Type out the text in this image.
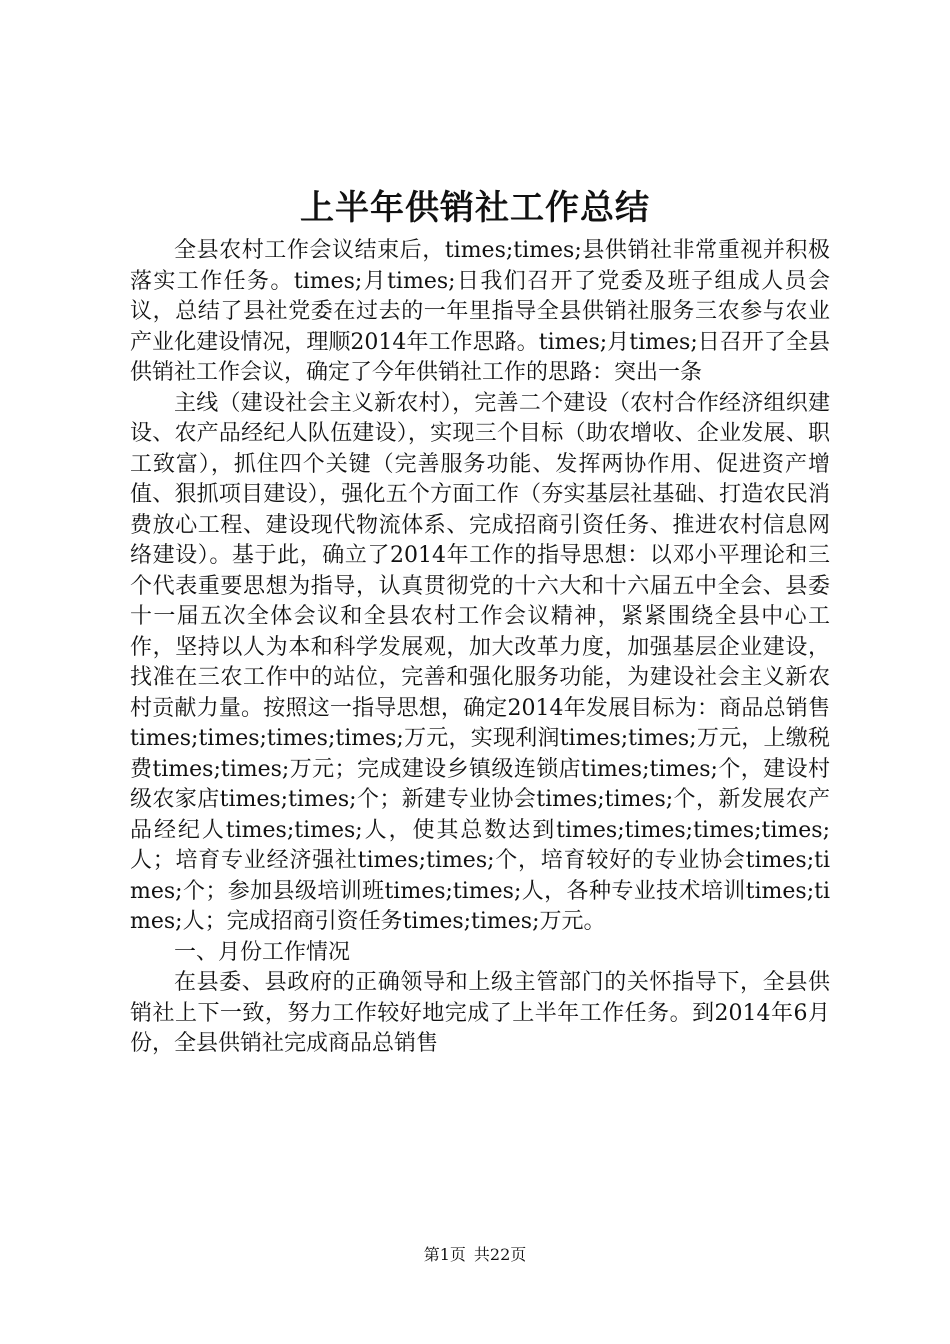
上半年供销社工作总结

全县农村工作会议结束后，times;times;县供销社非常重视并积极落实工作任务。times;月times;日我们召开了党委及班子组成人员会议，总结了县社党委在过去的一年里指导全县供销社服务三农参与农业产业化建设情况，理顺2014年工作思路。times;月times;日召开了全县供销社工作会议，确定了今年供销社工作的思路：突出一条

主线（建设社会主义新农村），完善二个建设（农村合作经济组织建设、农产品经纪人队伍建设），实现三个目标（助农增收、企业发展、职工致富），抓住四个关键（完善服务功能、发挥两协作用、促进资产增值、狠抓项目建设），强化五个方面工作（夯实基层社基础、打造农民消费放心工程、建设现代物流体系、完成招商引资任务、推进农村信息网络建设）。基于此，确立了2014年工作的指导思想：以邓小平理论和三个代表重要思想为指导，认真贯彻党的十六大和十六届五中全会、县委十一届五次全体会议和全县农村工作会议精神，紧紧围绕全县中心工作，坚持以人为本和科学发展观，加大改革力度，加强基层企业建设，找准在三农工作中的站位，完善和强化服务功能，为建设社会主义新农村贡献力量。按照这一指导思想，确定2014年发展目标为：商品总销售times;times;times;times;万元，实现利润times;times;万元，上缴税费times;times;万元；完成建设乡镇级连锁店times;times;个，建设村级农家店times;times;个；新建专业协会times;times;个，新发展农产品经纪人times;times;人，使其总数达到times;times;times;times;人；培育专业经济强社times;times;个，培育较好的专业协会times;times;个；参加县级培训班times;times;人，各种专业技术培训times;times;人；完成招商引资任务times;times;万元。

一、月份工作情况

在县委、县政府的正确领导和上级主管部门的关怀指导下，全县供销社上下一致，努力工作较好地完成了上半年工作任务。到2014年6月份，全县供销社完成商品总销售

第1页 共22页
